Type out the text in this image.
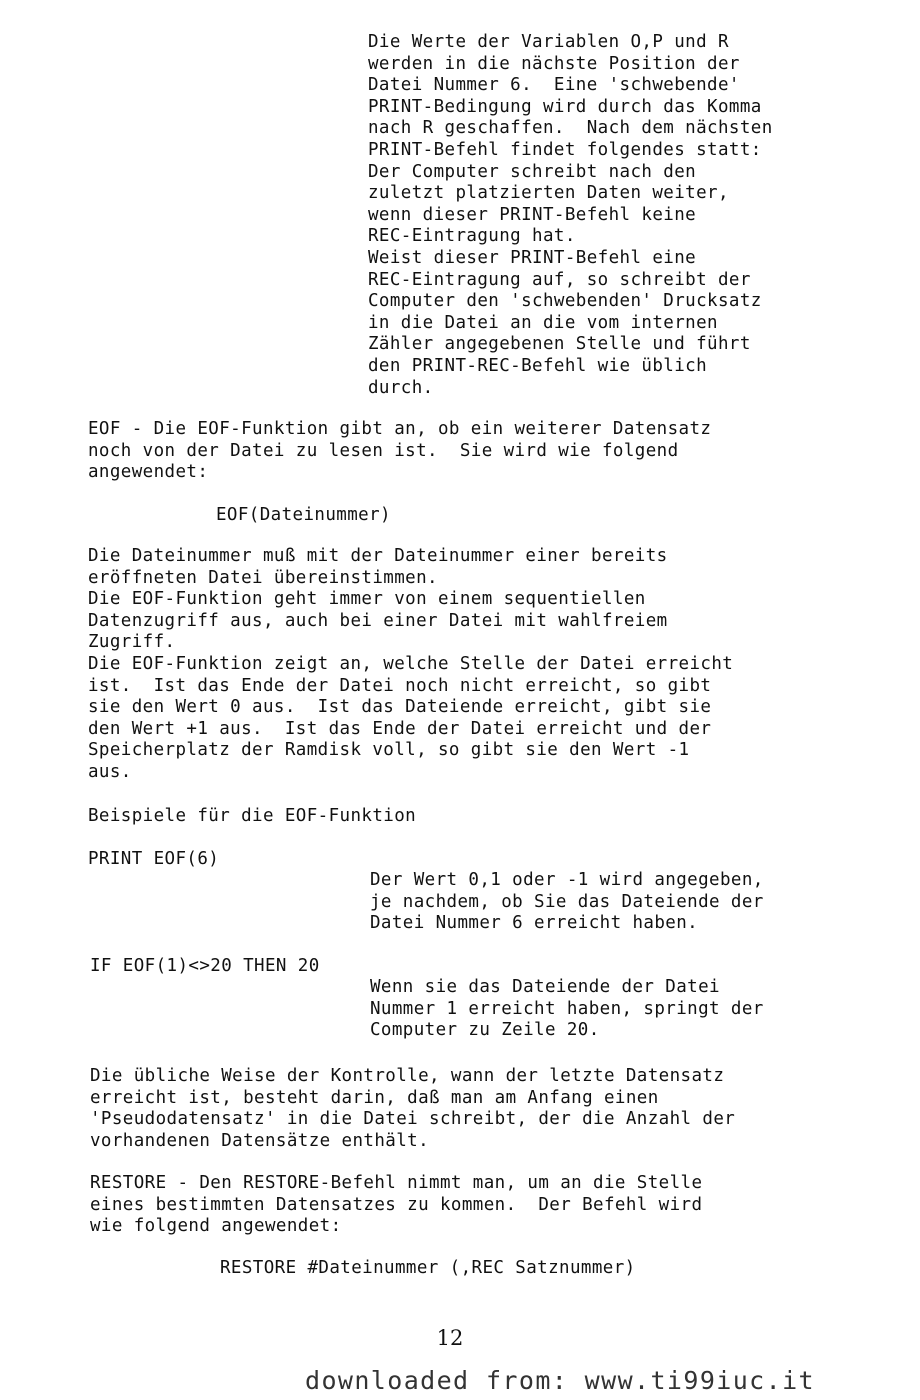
Die Werte der Variablen O,P und R
werden in die nächste Position der
Datei Nummer 6.  Eine 'schwebende'
PRINT-Bedingung wird durch das Komma
nach R geschaffen.  Nach dem nächsten
PRINT-Befehl findet folgendes statt:
Der Computer schreibt nach den
zuletzt platzierten Daten weiter,
wenn dieser PRINT-Befehl keine
REC-Eintragung hat.
Weist dieser PRINT-Befehl eine
REC-Eintragung auf, so schreibt der
Computer den 'schwebenden' Drucksatz
in die Datei an die vom internen
Zähler angegebenen Stelle und führt
den PRINT-REC-Befehl wie üblich
durch.
EOF - Die EOF-Funktion gibt an, ob ein weiterer Datensatz
noch von der Datei zu lesen ist.  Sie wird wie folgend
angewendet:
EOF(Dateinummer)
Die Dateinummer muß mit der Dateinummer einer bereits
eröffneten Datei übereinstimmen.
Die EOF-Funktion geht immer von einem sequentiellen
Datenzugriff aus, auch bei einer Datei mit wahlfreiem
Zugriff.
Die EOF-Funktion zeigt an, welche Stelle der Datei erreicht
ist.  Ist das Ende der Datei noch nicht erreicht, so gibt
sie den Wert 0 aus.  Ist das Dateiende erreicht, gibt sie
den Wert +1 aus.  Ist das Ende der Datei erreicht und der
Speicherplatz der Ramdisk voll, so gibt sie den Wert -1
aus.
Beispiele für die EOF-Funktion
PRINT EOF(6)
Der Wert 0,1 oder -1 wird angegeben,
je nachdem, ob Sie das Dateiende der
Datei Nummer 6 erreicht haben.
IF EOF(1)<>20 THEN 20
Wenn sie das Dateiende der Datei
Nummer 1 erreicht haben, springt der
Computer zu Zeile 20.
Die übliche Weise der Kontrolle, wann der letzte Datensatz
erreicht ist, besteht darin, daß man am Anfang einen
'Pseudodatensatz' in die Datei schreibt, der die Anzahl der
vorhandenen Datensätze enthält.
RESTORE - Den RESTORE-Befehl nimmt man, um an die Stelle
eines bestimmten Datensatzes zu kommen.  Der Befehl wird
wie folgend angewendet:
RESTORE #Dateinummer (,REC Satznummer)
12
downloaded from: www.ti99iuc.it
